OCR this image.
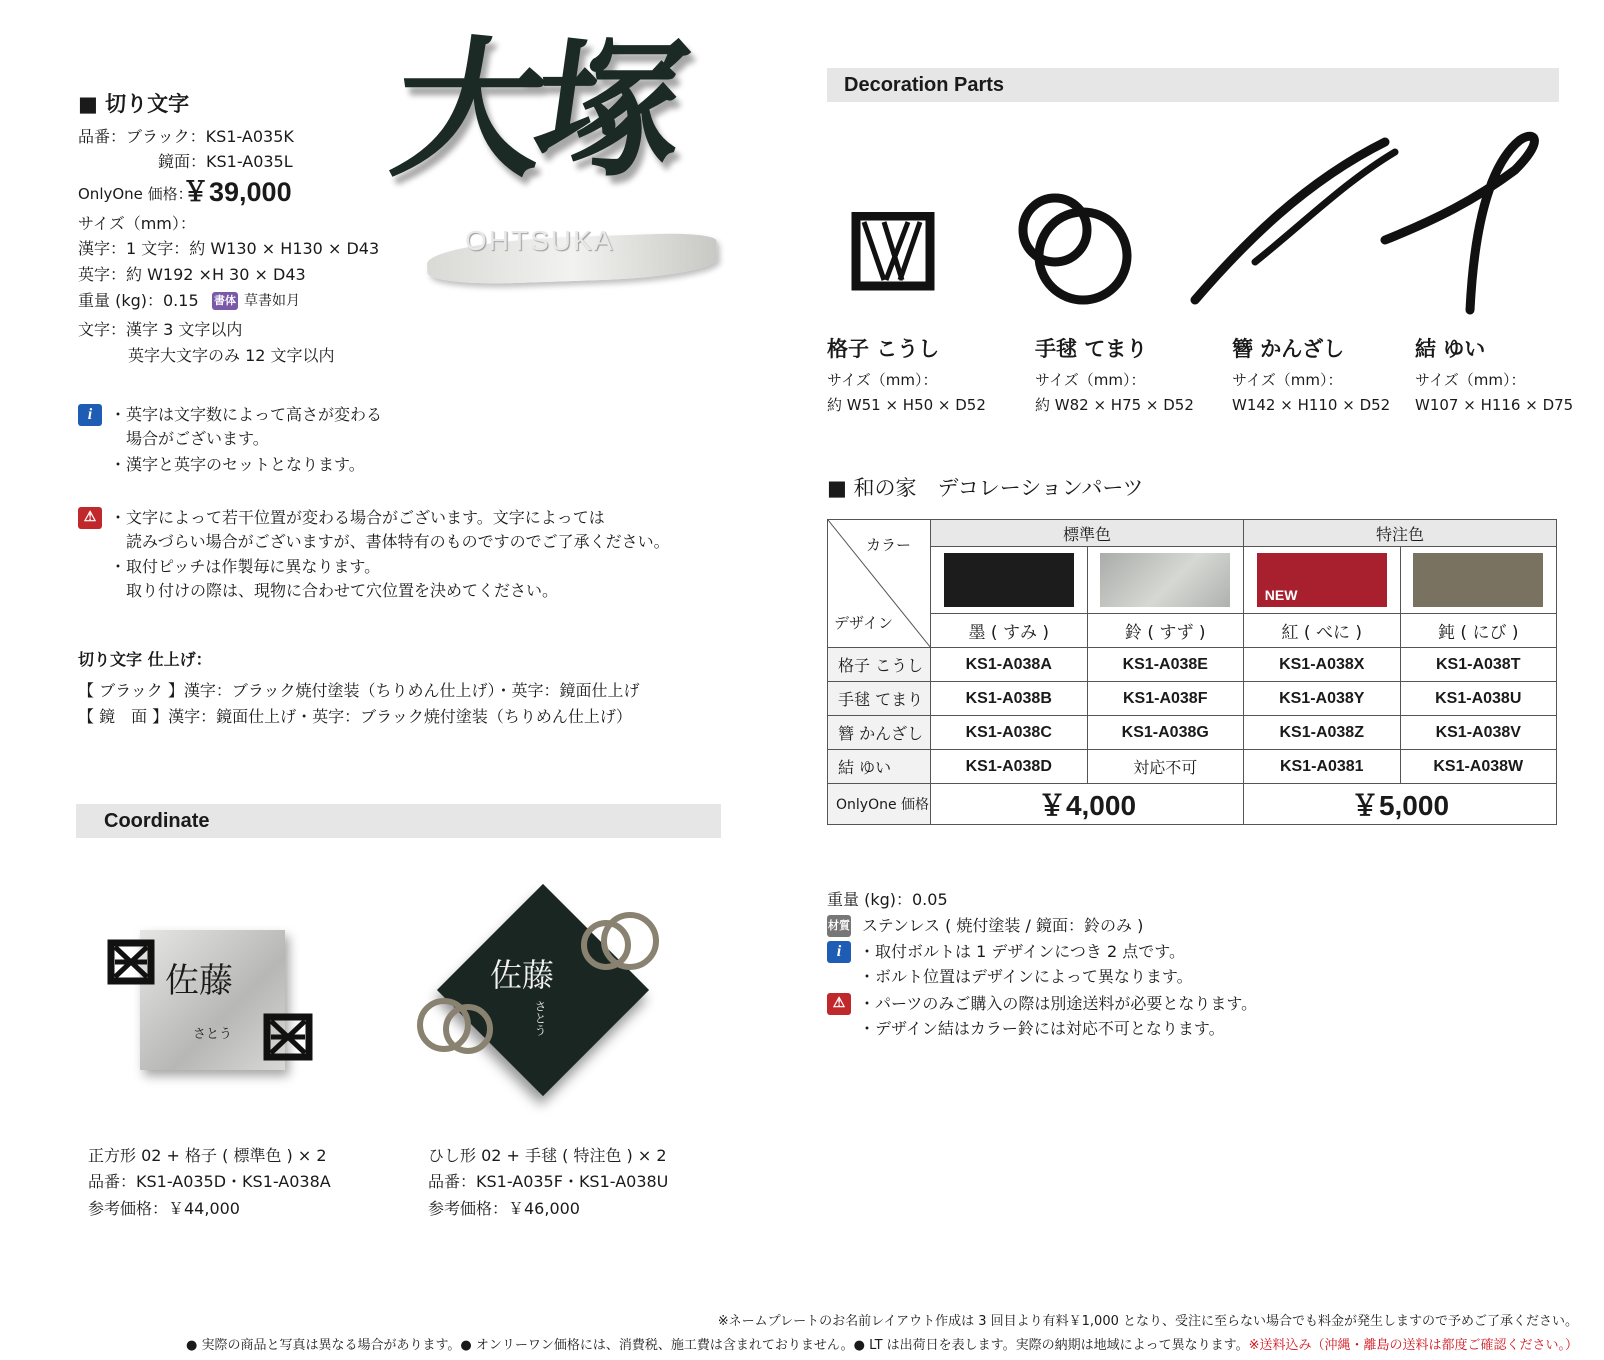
■ 切り文字
品番：ブラック：KS1-A035K
鏡面：KS1-A035L
OnlyOne 価格：
￥39,000
サイズ（mm）：
漢字：1 文字：約 W130 × H130 × D43
英字：約 W192 ×H 30 × D43
重量 (kg)：0.15 書体 草書如月
文字：漢字 3 文字以内
英字大文字のみ 12 文字以内
i	・英字は文字数によって高さが変わる
場合がございます。
・漢字と英字のセットとなります。
⚠ ・文字によって若干位置が変わる場合がございます。文字によっては
読みづらい場合がございますが、書体特有のものですのでご了承ください。
・取付ピッチは作製毎に異なります。
取り付けの際は、現物に合わせて穴位置を決めてください。
切り文字 仕上げ：
【 ブラック 】漢字：ブラック焼付塗装（ちりめん仕上げ）・英字：鏡面仕上げ
【 鏡　面 】漢字：鏡面仕上げ・英字：ブラック焼付塗装（ちりめん仕上げ）
大塚
OHTSUKA
Coordinate
佐藤
さとう
正方形 02 + 格子 ( 標準色 ) × 2
品番：KS1-A035D・KS1-A038A
参考価格：￥44,000
佐藤
さとう
ひし形 02 + 手毬 ( 特注色 ) × 2
品番：KS1-A035F・KS1-A038U
参考価格：￥46,000
Decoration Parts
格子 こうし
サイズ（mm）：
約 W51 × H50 × D52
手毬 てまり
サイズ（mm）：
約 W82 × H75 × D52
簪 かんざし
サイズ（mm）：
W142 × H110 × D52
結 ゆい
サイズ（mm）：
W107 × H116 × D75
■ 和の家　デコレーションパーツ
カラー
デザイン	標準色		特注色	

			NEW	

	墨 ( すみ )	鈴 ( すず )	紅 ( べに )	鈍 ( にび )
格子 こうし	KS1-A038A	KS1-A038E	KS1-A038X	KS1-A038T
手毬 てまり	KS1-A038B	KS1-A038F	KS1-A038Y	KS1-A038U
簪 かんざし	KS1-A038C	KS1-A038G	KS1-A038Z	KS1-A038V
結 ゆい	KS1-A038D	対応不可	KS1-A0381	KS1-A038W
OnlyOne 価格	￥4,000		￥5,000	
重量 (kg)：0.05
材質 ステンレス ( 焼付塗装 / 鏡面：鈴のみ )
i	・取付ボルトは 1 デザインにつき 2 点です。
・ボルト位置はデザインによって異なります。
⚠ ・パーツのみご購入の際は別途送料が必要となります。
・デザイン結はカラー鈴には対応不可となります。
※ネームプレートのお名前レイアウト作成は 3 回目より有料￥1,000 となり、受注に至らない場合でも料金が発生しますので予めご了承ください。
● 実際の商品と写真は異なる場合があります。● オンリーワン価格には、消費税、施工費は含まれておりません。● LT は出荷日を表します。実際の納期は地域によって異なります。※送料込み（沖縄・離島の送料は都度ご確認ください。）
